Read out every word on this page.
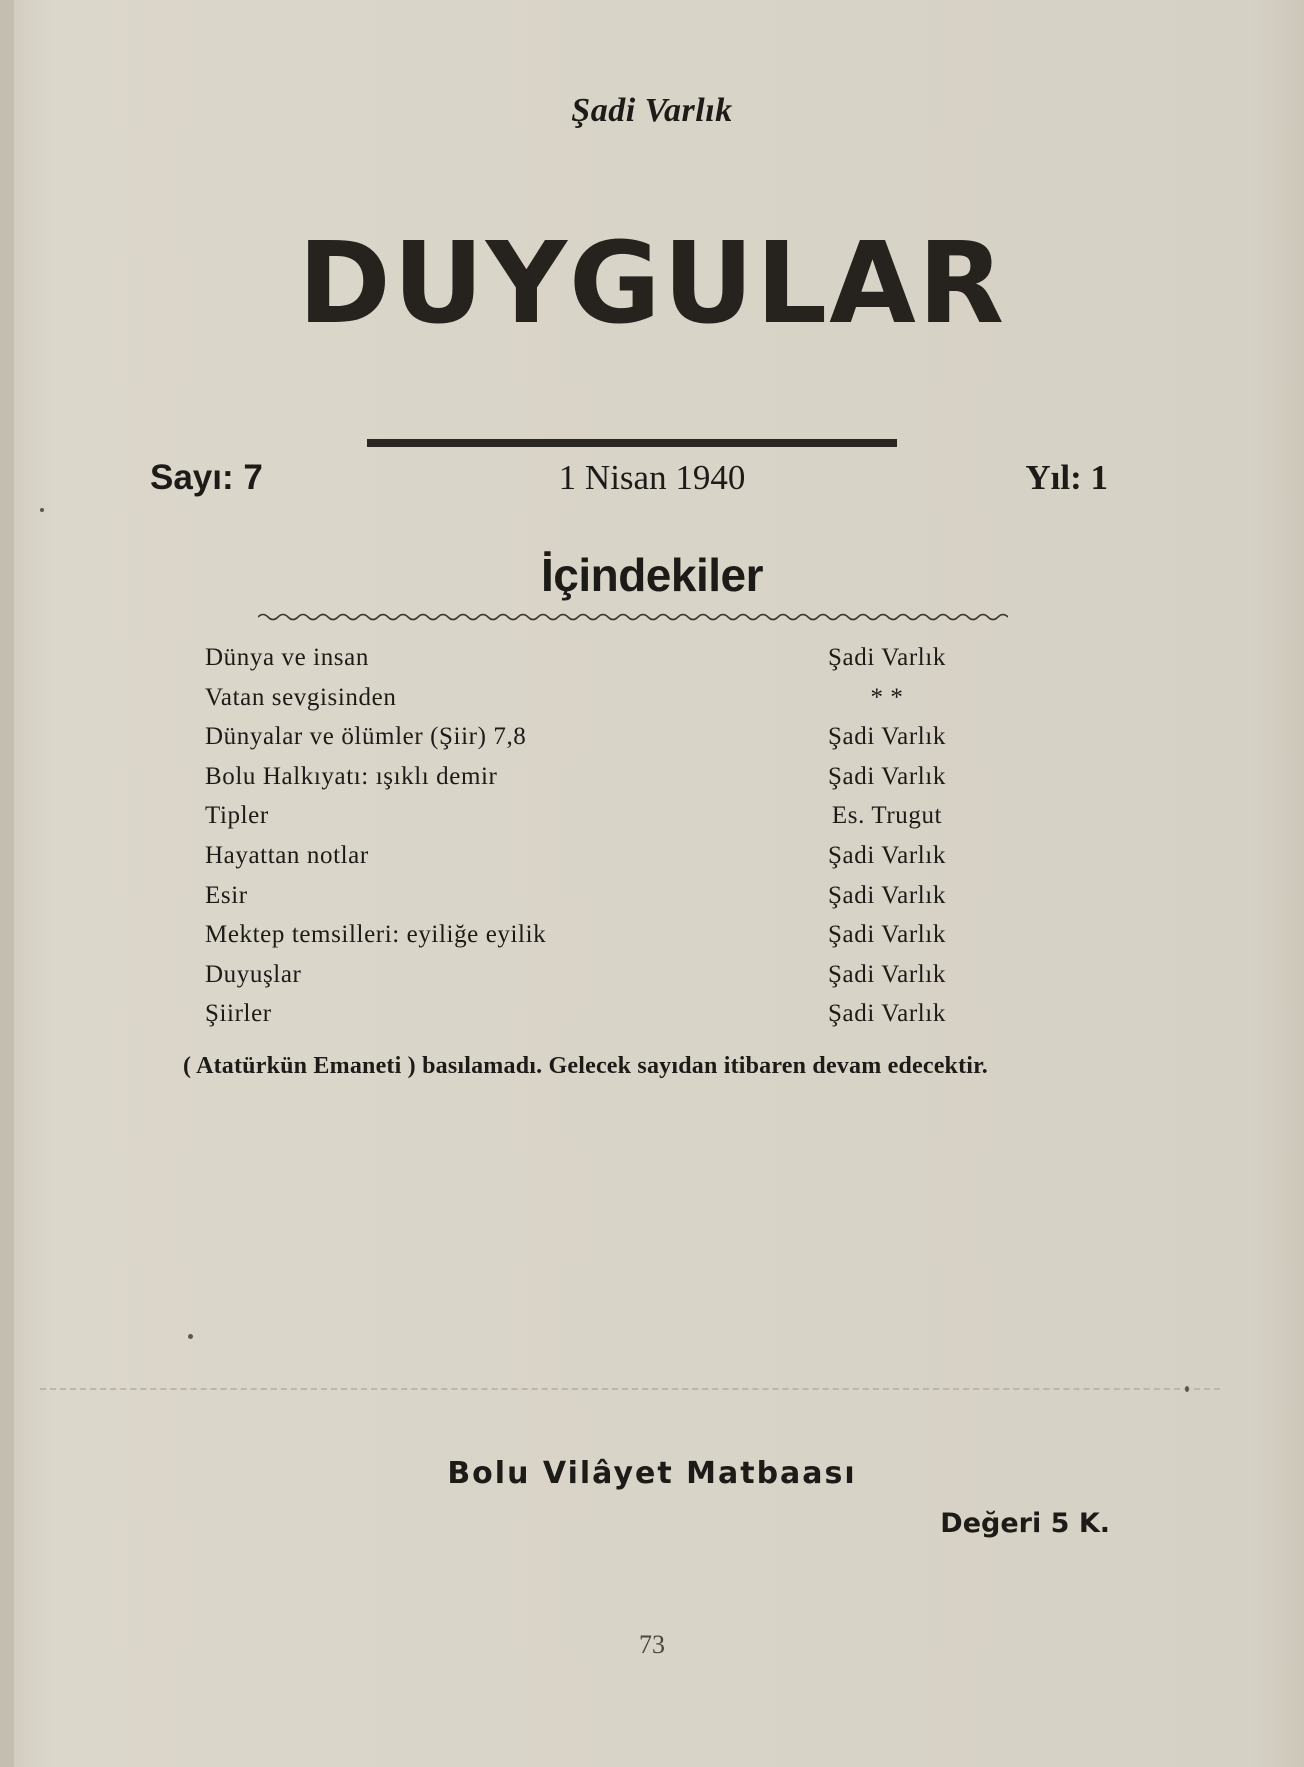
Şadi Varlık
DUYGULAR
Sayı: 7	1 Nisan 1940	Yıl: 1
İçindekiler
Dünya ve insan	Şadi Varlık
Vatan sevgisinden	* *
Dünyalar ve ölümler (Şiir) 7,8	Şadi Varlık
Bolu Halkıyatı: ışıklı demir	Şadi Varlık
Tipler	Es. Trugut
Hayattan notlar	Şadi Varlık
Esir	Şadi Varlık
Mektep temsilleri: eyiliğe eyilik	Şadi Varlık
Duyuşlar	Şadi Varlık
Şiirler	Şadi Varlık
( Atatürkün Emaneti ) basılamadı. Gelecek sayıdan itibaren devam edecektir.
Bolu Vilâyet Matbaası
Değeri 5 K.
73
